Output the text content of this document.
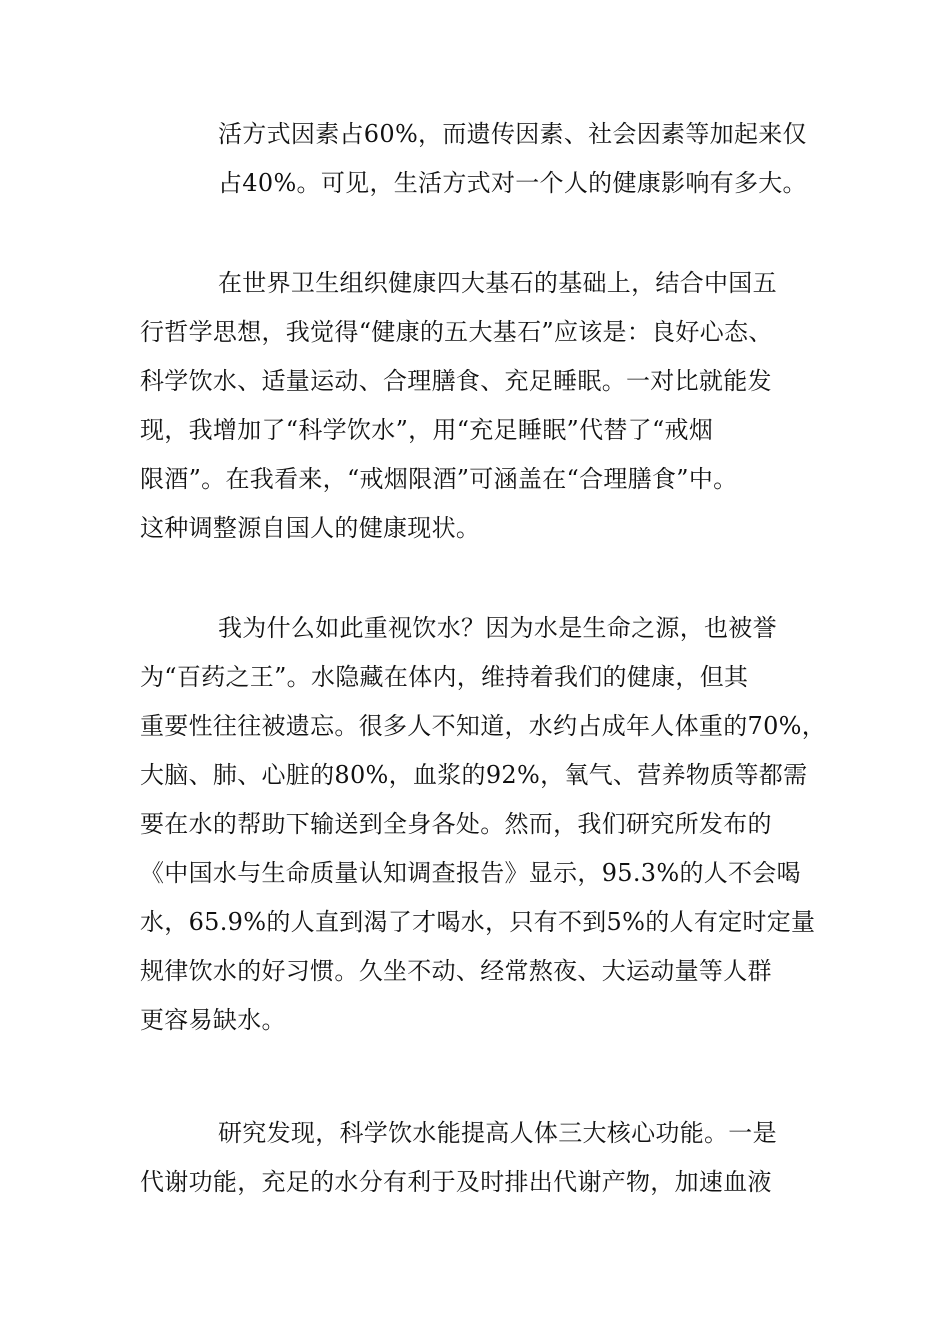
活方式因素占60%，而遗传因素、社会因素等加起来仅
占40%。可见，生活方式对一个人的健康影响有多大。
在世界卫生组织健康四大基石的基础上，结合中国五
行哲学思想，我觉得“健康的五大基石”应该是：良好心态、
科学饮水、适量运动、合理膳食、充足睡眠。一对比就能发
现，我增加了“科学饮水”，用“充足睡眠”代替了“戒烟
限酒”。在我看来，“戒烟限酒”可涵盖在“合理膳食”中。
这种调整源自国人的健康现状。
我为什么如此重视饮水？因为水是生命之源，也被誉
为“百药之王”。水隐藏在体内，维持着我们的健康，但其
重要性往往被遗忘。很多人不知道，水约占成年人体重的70%，
大脑、肺、心脏的80%，血浆的92%，氧气、营养物质等都需
要在水的帮助下输送到全身各处。然而，我们研究所发布的
《中国水与生命质量认知调查报告》显示，95.3%的人不会喝
水，65.9%的人直到渴了才喝水，只有不到5%的人有定时定量
规律饮水的好习惯。久坐不动、经常熬夜、大运动量等人群
更容易缺水。
研究发现，科学饮水能提高人体三大核心功能。一是
代谢功能，充足的水分有利于及时排出代谢产物，加速血液
